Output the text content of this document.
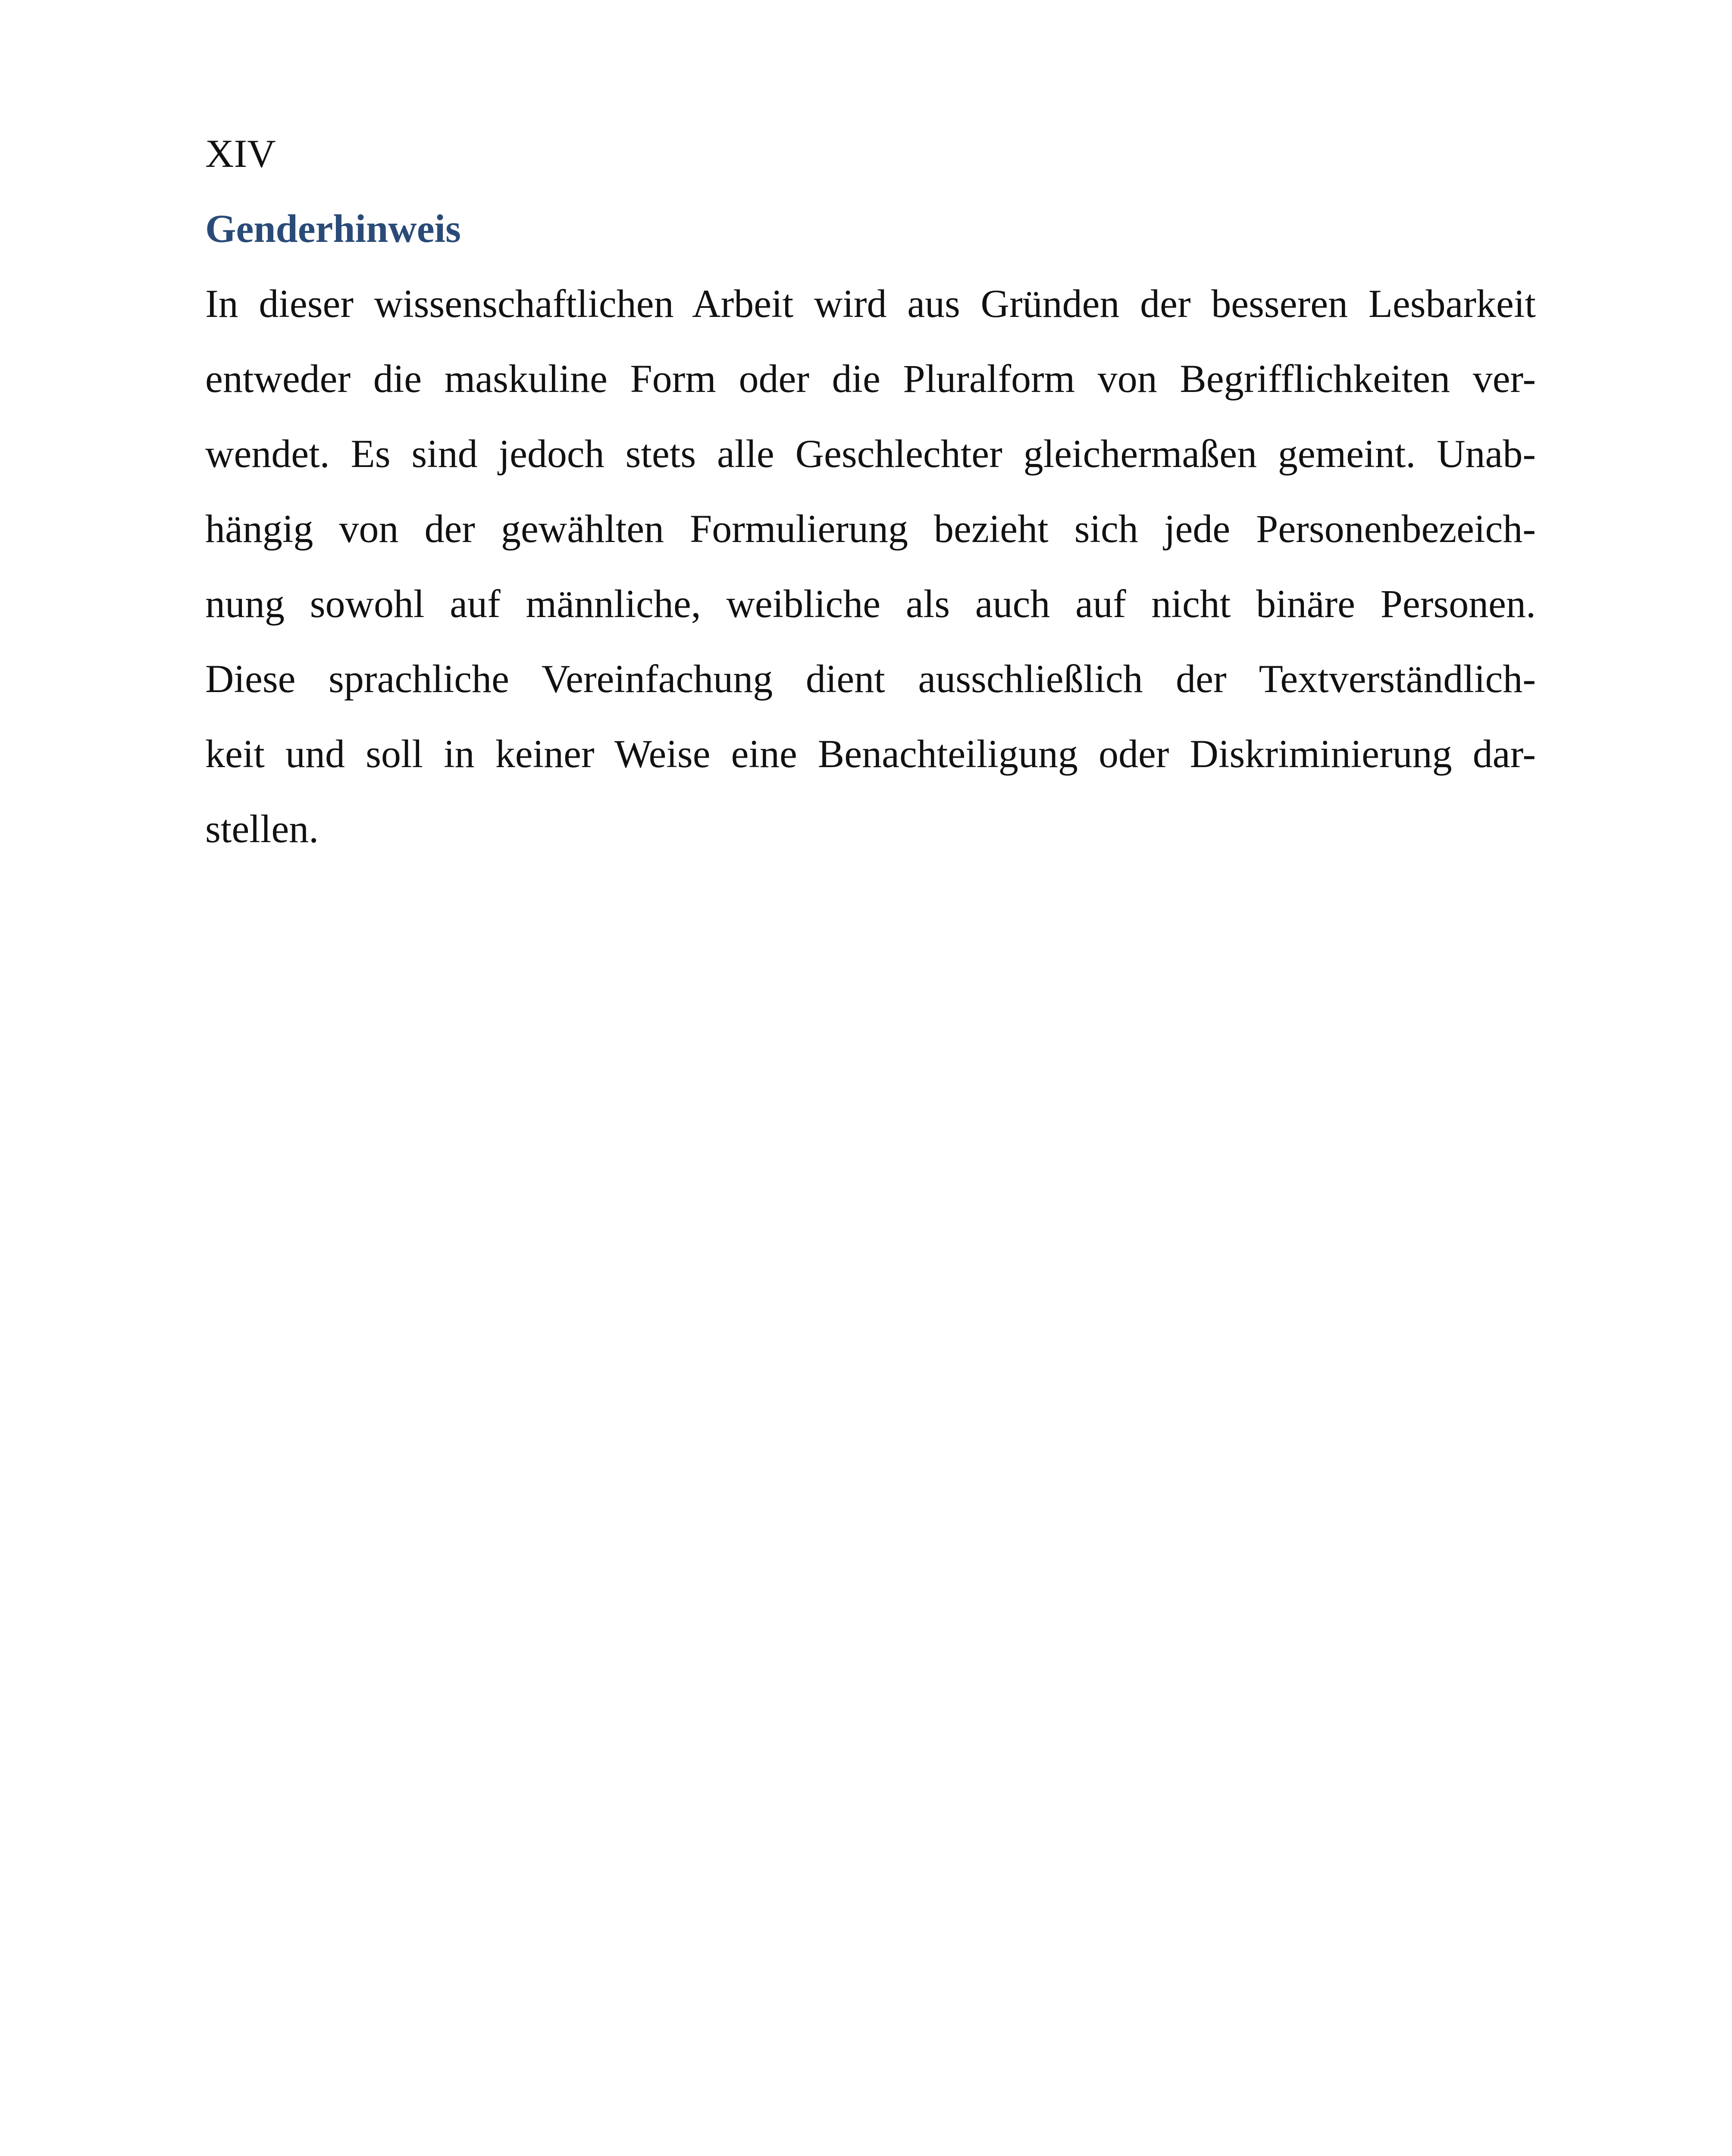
XIV
Genderhinweis
In dieser wissenschaftlichen Arbeit wird aus Gründen der besseren Lesbarkeit
entweder die maskuline Form oder die Pluralform von Begrifflichkeiten ver-
wendet. Es sind jedoch stets alle Geschlechter gleichermaßen gemeint. Unab-
hängig von der gewählten Formulierung bezieht sich jede Personenbezeich-
nung sowohl auf männliche, weibliche als auch auf nicht binäre Personen.
Diese sprachliche Vereinfachung dient ausschließlich der Textverständlich-
keit und soll in keiner Weise eine Benachteiligung oder Diskriminierung dar-
stellen.
